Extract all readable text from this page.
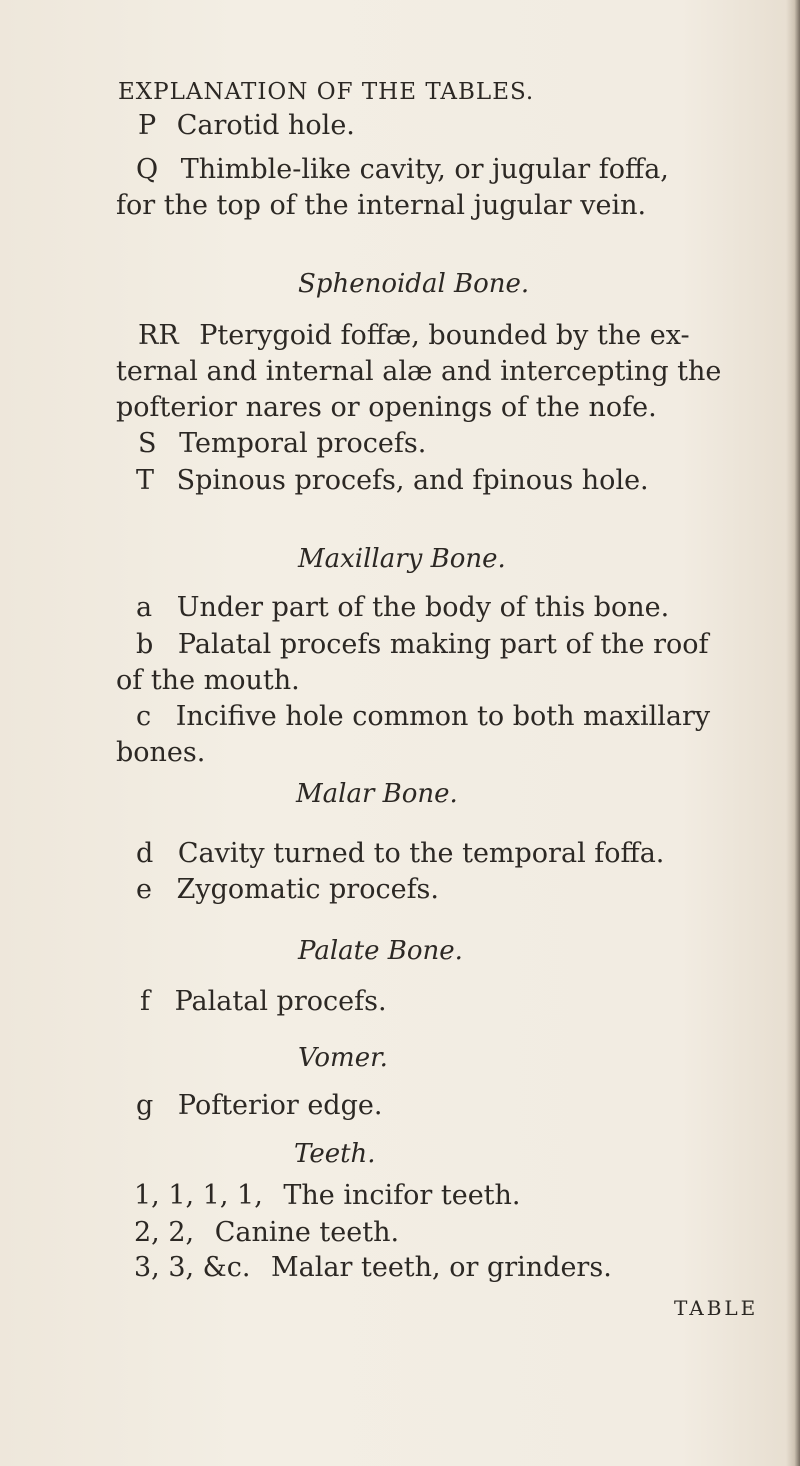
EXPLANATION OF THE TABLES.
P Carotid hole.
Q Thimble-like cavity, or jugular foffa,
for the top of the internal jugular vein.
Sphenoidal Bone.
RR Pterygoid foffæ, bounded by the ex-
ternal and internal alæ and intercepting the
pofterior nares or openings of the nofe.
S Temporal procefs.
T Spinous procefs, and fpinous hole.
Maxillary Bone.
a Under part of the body of this bone.
b Palatal procefs making part of the roof
of the mouth.
c Incifive hole common to both maxillary
bones.
Malar Bone.
d Cavity turned to the temporal foffa.
e Zygomatic procefs.
Palate Bone.
f Palatal procefs.
Vomer.
g Pofterior edge.
Teeth.
1, 1, 1, 1, The incifor teeth.
2, 2, Canine teeth.
3, 3, &c. Malar teeth, or grinders.
TABLE
